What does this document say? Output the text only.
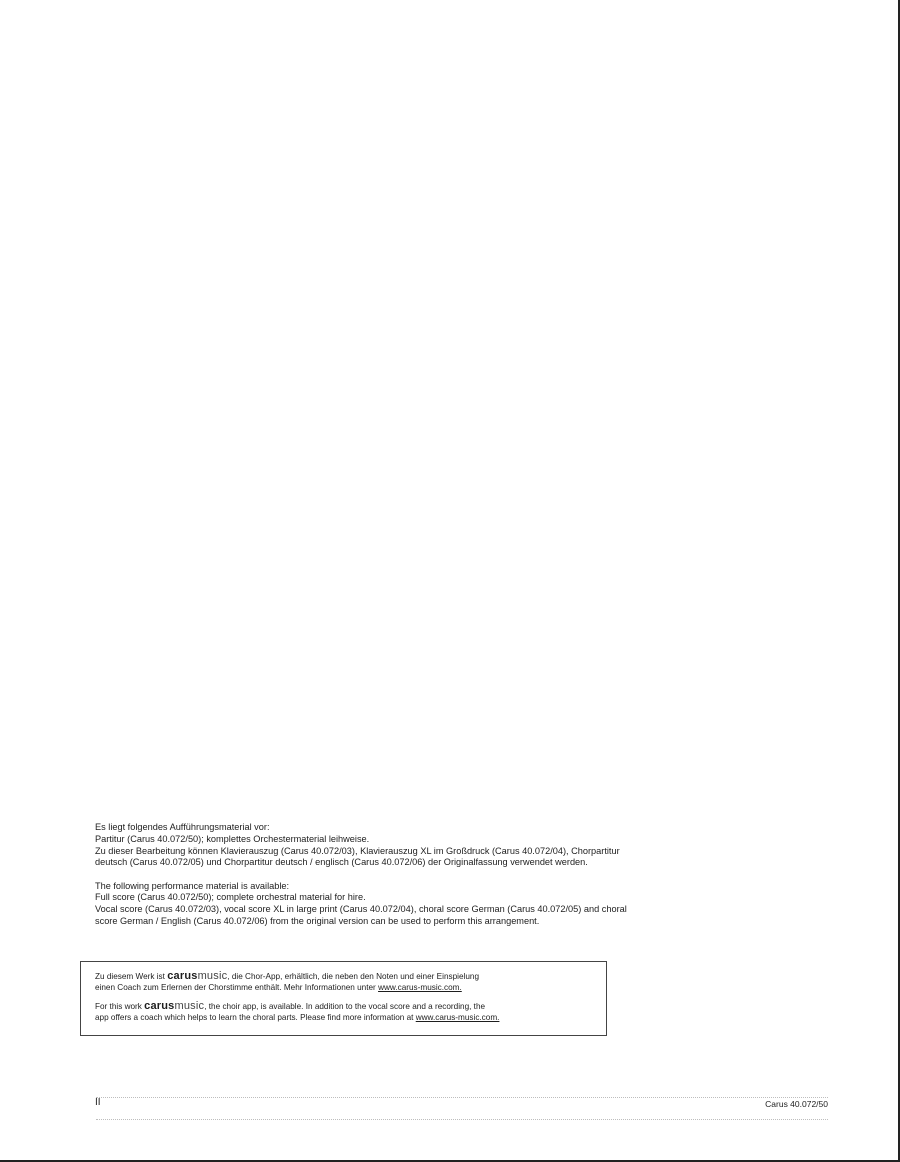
Es liegt folgendes Aufführungsmaterial vor:

Partitur (Carus 40.072/50); komplettes Orchestermaterial leihweise.

Zu dieser Bearbeitung können Klavierauszug (Carus 40.072/03), Klavierauszug XL im Großdruck (Carus 40.072/04), Chorpartitur

deutsch (Carus 40.072/05) und Chorpartitur deutsch / englisch (Carus 40.072/06) der Originalfassung verwendet werden.

The following performance material is available:

Full score (Carus 40.072/50); complete orchestral material for hire.

Vocal score (Carus 40.072/03), vocal score XL in large print (Carus 40.072/04), choral score German (Carus 40.072/05) and choral

score German / English (Carus 40.072/06) from the original version can be used to perform this arrangement.

Zu diesem Werk ist carusmusic, die Chor-App, erhältlich, die neben den Noten und einer Einspielung

einen Coach zum Erlernen der Chorstimme enthält. Mehr Informationen unter www.carus-music.com.

For this work carusmusic, the choir app, is available. In addition to the vocal score and a recording, the

app offers a coach which helps to learn the choral parts. Please find more information at www.carus-music.com.

II	Carus 40.072/50
